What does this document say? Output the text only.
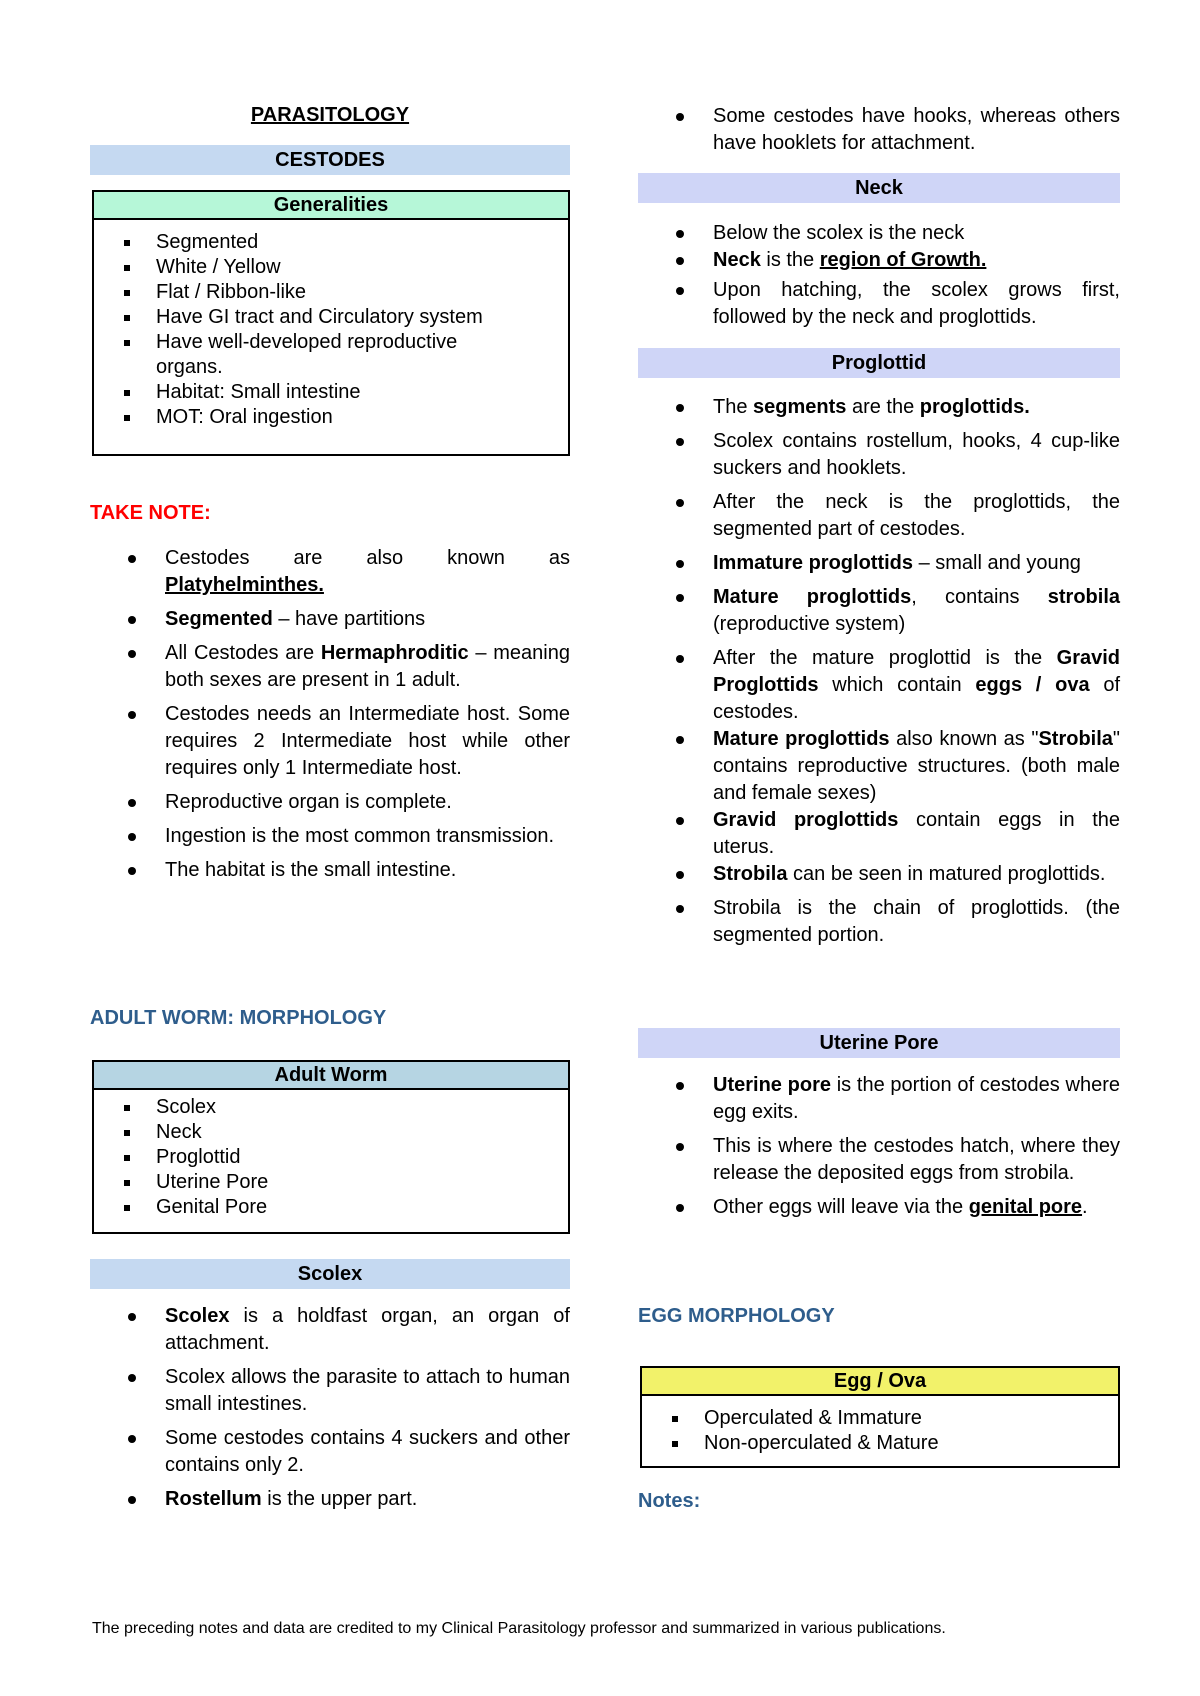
PARASITOLOGY
CESTODES
Generalities
Segmented
White / Yellow
Flat / Ribbon-like
Have GI tract and Circulatory system
Have well-developed reproductive organs.
Habitat: Small intestine
MOT: Oral ingestion
TAKE NOTE:
Cestodes are also known as Platyhelminthes.
Segmented – have partitions
All Cestodes are Hermaphroditic – meaning both sexes are present in 1 adult.
Cestodes needs an Intermediate host. Some requires 2 Intermediate host while other requires only 1 Intermediate host.
Reproductive organ is complete.
Ingestion is the most common transmission.
The habitat is the small intestine.
ADULT WORM: MORPHOLOGY
Adult Worm
Scolex
Neck
Proglottid
Uterine Pore
Genital Pore
Scolex
Scolex is a holdfast organ, an organ of attachment.
Scolex allows the parasite to attach to human small intestines.
Some cestodes contains 4 suckers and other contains only 2.
Rostellum is the upper part.
Some cestodes have hooks, whereas others have hooklets for attachment.
Neck
Below the scolex is the neck
Neck is the region of Growth.
Upon hatching, the scolex grows first, followed by the neck and proglottids.
Proglottid
The segments are the proglottids.
Scolex contains rostellum, hooks, 4 cup-like suckers and hooklets.
After the neck is the proglottids, the segmented part of cestodes.
Immature proglottids – small and young
Mature proglottids, contains strobila (reproductive system)
After the mature proglottid is the Gravid Proglottids which contain eggs / ova of cestodes.
Mature proglottids also known as "Strobila" contains reproductive structures. (both male and female sexes)
Gravid proglottids contain eggs in the uterus.
Strobila can be seen in matured proglottids.
Strobila is the chain of proglottids. (the segmented portion.
Uterine Pore
Uterine pore is the portion of cestodes where egg exits.
This is where the cestodes hatch, where they release the deposited eggs from strobila.
Other eggs will leave via the genital pore.
EGG MORPHOLOGY
Egg / Ova
Operculated & Immature
Non-operculated & Mature
Notes:
The preceding notes and data are credited to my Clinical Parasitology professor and summarized in various publications.
